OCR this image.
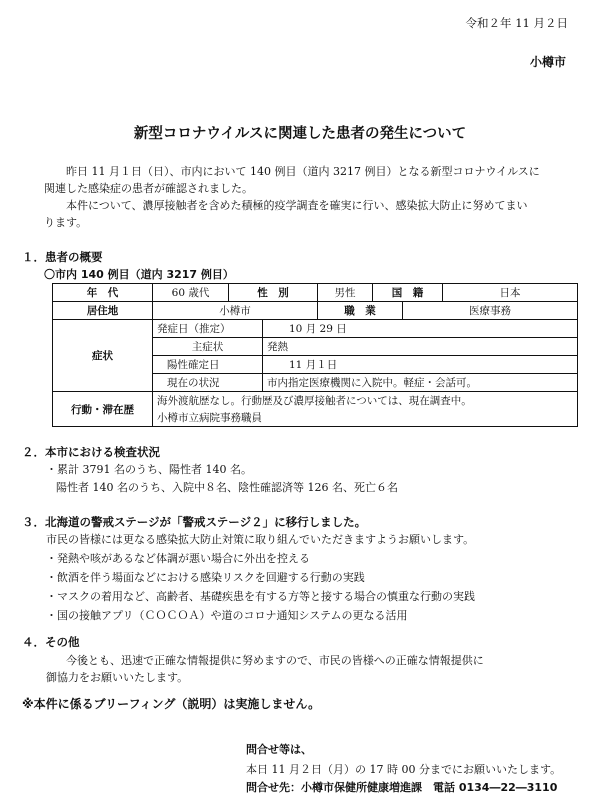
令和２年 11 月２日
小樽市
新型コロナウイルスに関連した患者の発生について

昨日 11 月１日（日）、市内において 140 例目（道内 3217 例目）となる新型コロナウイルスに

関連した感染症の患者が確認されました。

本件について、濃厚接触者を含めた積極的疫学調査を確実に行い、感染拡大防止に努めてまい

ります。

１．患者の概要
〇市内 140 例目（道内 3217 例目）
年　代	60 歳代	性　別		男性	国　籍		日本
居住地	小樽市			職　業		医療事務	
症状	発症日（推定）		10 月 29 日				
	主症状		発熱				
	陽性確定日		11 月１日				
	現在の状況		市内指定医療機関に入院中。軽症・会話可。				
行動・滞在歴	海外渡航歴なし。行動歴及び濃厚接触者については、現在調査中。						
	小樽市立病院事務職員						
２．本市における検査状況
・累計 3791 名のうち、陽性者 140 名。
陽性者 140 名のうち、入院中８名、陰性確認済等 126 名、死亡６名
３．北海道の警戒ステージが「警戒ステージ２」に移行しました。
市民の皆様には更なる感染拡大防止対策に取り組んでいただきますようお願いします。
・発熱や咳があるなど体調が悪い場合に外出を控える
・飲酒を伴う場面などにおける感染リスクを回避する行動の実践
・マスクの着用など、高齢者、基礎疾患を有する方等と接する場合の慎重な行動の実践
・国の接触アプリ（ＣＯＣＯＡ）や道のコロナ通知システムの更なる活用
４．その他
今後とも、迅速で正確な情報提供に努めますので、市民の皆様への正確な情報提供に
御協力をお願いいたします。
※本件に係るブリーフィング（説明）は実施しません。
問合せ等は、
本日 11 月２日（月）の 17 時 00 分までにお願いいたします。
問合せ先：小樽市保健所健康増進課　電話 0134―22―3110
